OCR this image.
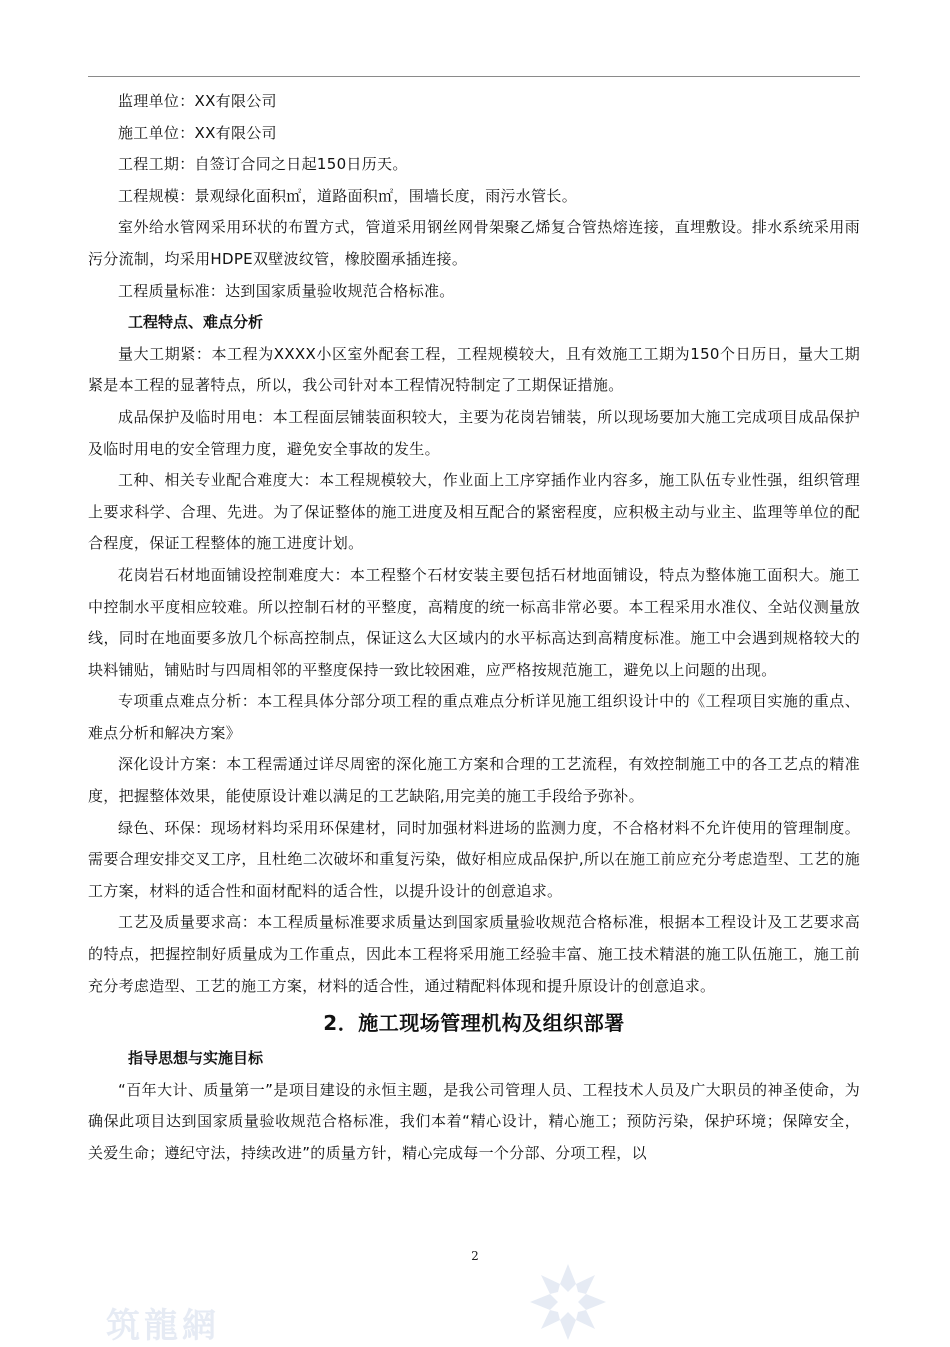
监理单位：XX有限公司
施工单位：XX有限公司
工程工期：自签订合同之日起150日历天。
工程规模：景观绿化面积㎡，道路面积㎡，围墙长度，雨污水管长。

室外给水管网采用环状的布置方式，管道采用钢丝网骨架聚乙烯复合管热熔连接，直埋敷设。排水系统采用雨污分流制，均采用HDPE双壁波纹管，橡胶圈承插连接。

工程质量标准：达到国家质量验收规范合格标准。

工程特点、难点分析

量大工期紧：本工程为XXXX小区室外配套工程，工程规模较大，且有效施工工期为150个日历日，量大工期紧是本工程的显著特点，所以，我公司针对本工程情况特制定了工期保证措施。

成品保护及临时用电：本工程面层铺装面积较大，主要为花岗岩铺装，所以现场要加大施工完成项目成品保护及临时用电的安全管理力度，避免安全事故的发生。

工种、相关专业配合难度大：本工程规模较大，作业面上工序穿插作业内容多，施工队伍专业性强，组织管理上要求科学、合理、先进。为了保证整体的施工进度及相互配合的紧密程度，应积极主动与业主、监理等单位的配合程度，保证工程整体的施工进度计划。

花岗岩石材地面铺设控制难度大：本工程整个石材安装主要包括石材地面铺设，特点为整体施工面积大。施工中控制水平度相应较难。所以控制石材的平整度，高精度的统一标高非常必要。本工程采用水准仪、全站仪测量放线，同时在地面要多放几个标高控制点，保证这么大区域内的水平标高达到高精度标准。施工中会遇到规格较大的块料铺贴，铺贴时与四周相邻的平整度保持一致比较困难，应严格按规范施工，避免以上问题的出现。

专项重点难点分析：本工程具体分部分项工程的重点难点分析详见施工组织设计中的《工程项目实施的重点、难点分析和解决方案》

深化设计方案：本工程需通过详尽周密的深化施工方案和合理的工艺流程，有效控制施工中的各工艺点的精准度，把握整体效果，能使原设计难以满足的工艺缺陷,用完美的施工手段给予弥补。

绿色、环保：现场材料均采用环保建材，同时加强材料进场的监测力度，不合格材料不允许使用的管理制度。需要合理安排交叉工序，且杜绝二次破坏和重复污染，做好相应成品保护,所以在施工前应充分考虑造型、工艺的施工方案，材料的适合性和面材配料的适合性，以提升设计的创意追求。

工艺及质量要求高：本工程质量标准要求质量达到国家质量验收规范合格标准，根据本工程设计及工艺要求高的特点，把握控制好质量成为工作重点，因此本工程将采用施工经验丰富、施工技术精湛的施工队伍施工，施工前充分考虑造型、工艺的施工方案，材料的适合性，通过精配料体现和提升原设计的创意追求。

2．施工现场管理机构及组织部署

指导思想与实施目标

“百年大计、质量第一”是项目建设的永恒主题，是我公司管理人员、工程技术人员及广大职员的神圣使命，为确保此项目达到国家质量验收规范合格标准，我们本着“精心设计，精心施工；预防污染，保护环境；保障安全，关爱生命；遵纪守法，持续改进”的质量方针，精心完成每一个分部、分项工程，以

2
筑龍網
